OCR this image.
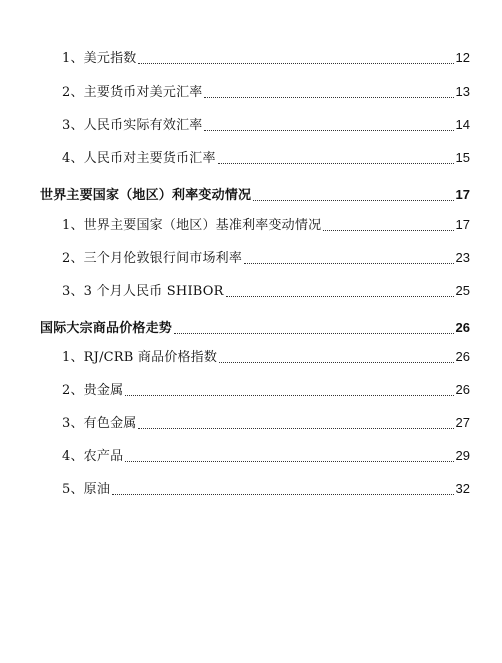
1、美元指数	12
2、主要货币对美元汇率	13
3、人民币实际有效汇率	14
4、人民币对主要货币汇率	15
世界主要国家（地区）利率变动情况	17
1、世界主要国家（地区）基准利率变动情况	17
2、三个月伦敦银行间市场利率	23
3、3 个月人民币 SHIBOR	25
国际大宗商品价格走势	26
1、RJ/CRB 商品价格指数	26
2、贵金属	26
3、有色金属	27
4、农产品	29
5、原油	32
